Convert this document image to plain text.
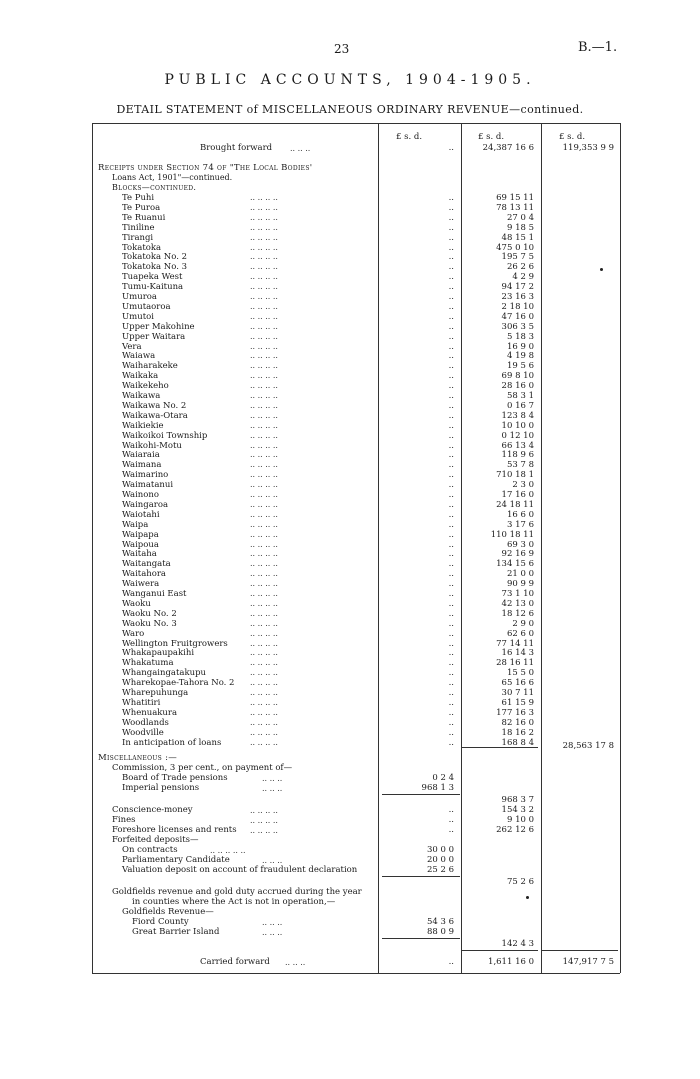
23	B.—1.
PUBLIC ACCOUNTS, 1904-1905.
DETAIL STATEMENT of MISCELLANEOUS ORDINARY REVENUE—continued.
£ s. d.	£ s. d.	£ s. d.
Brought forward .. .. ..	..	24,387 16 6	119,353 9 9
Receipts under Section 74 of "The Local Bodies'
Loans Act, 1901"—continued.
Blocks—continued.
Te Puhi	.. .. .. ..	..	69 15 11
Te Puroa	.. .. .. ..	..	78 13 11
Te Ruanui	.. .. .. ..	..	27 0 4
Tiniline	.. .. .. ..	..	9 18 5
Tirangi	.. .. .. ..	..	48 15 1
Tokatoka	.. .. .. ..	..	475 0 10
Tokatoka No. 2	.. .. .. ..	..	195 7 5
Tokatoka No. 3	.. .. .. ..	..	26 2 6
Tuapeka West	.. .. .. ..	..	4 2 9
Tumu-Kaituna	.. .. .. ..	..	94 17 2
Umuroa	.. .. .. ..	..	23 16 3
Umutaoroa	.. .. .. ..	..	2 18 10
Umutoi	.. .. .. ..	..	47 16 0
Upper Makohine	.. .. .. ..	..	306 3 5
Upper Waitara	.. .. .. ..	..	5 18 3
Vera	.. .. .. ..	..	16 9 0
Waiawa	.. .. .. ..	..	4 19 8
Waiharakeke	.. .. .. ..	..	19 5 6
Waikaka	.. .. .. ..	..	69 8 10
Waikekeho	.. .. .. ..	..	28 16 0
Waikawa	.. .. .. ..	..	58 3 1
Waikawa No. 2	.. .. .. ..	..	0 16 7
Waikawa-Otara	.. .. .. ..	..	123 8 4
Waikiekie	.. .. .. ..	..	10 10 0
Waikoikoi Township	.. .. .. ..	..	0 12 10
Waikohi-Motu	.. .. .. ..	..	66 13 4
Waiaraia	.. .. .. ..	..	118 9 6
Waimana	.. .. .. ..	..	53 7 8
Waimarino	.. .. .. ..	..	710 18 1
Waimatanui	.. .. .. ..	..	2 3 0
Wainono	.. .. .. ..	..	17 16 0
Waingaroa	.. .. .. ..	..	24 18 11
Waiotahi	.. .. .. ..	..	16 6 0
Waipa	.. .. .. ..	..	3 17 6
Waipapa	.. .. .. ..	..	110 18 11
Waipoua	.. .. .. ..	..	69 3 0
Waitaha	.. .. .. ..	..	92 16 9
Waitangata	.. .. .. ..	..	134 15 6
Waitahora	.. .. .. ..	..	21 0 0
Waiwera	.. .. .. ..	..	90 9 9
Wanganui East	.. .. .. ..	..	73 1 10
Waoku	.. .. .. ..	..	42 13 0
Waoku No. 2	.. .. .. ..	..	18 12 6
Waoku No. 3	.. .. .. ..	..	2 9 0
Waro	.. .. .. ..	..	62 6 0
Wellington Fruitgrowers	.. .. .. ..	..	77 14 11
Whakapaupakihi	.. .. .. ..	..	16 14 3
Whakatuma	.. .. .. ..	..	28 16 11
Whangaingatakupu	.. .. .. ..	..	15 5 0
Wharekopae-Tahora No. 2 .. .. .. ..	..	65 16 6
Wharepuhunga	.. .. .. ..	..	30 7 11
Whatitiri	.. .. .. ..	..	61 15 9
Whenuakura	.. .. .. ..	..	177 16 3
Woodlands	.. .. .. ..	..	82 16 0
Woodville	.. .. .. ..	..	18 16 2
In anticipation of loans	.. .. .. ..	..	168 8 4	28,563 17 8
Miscellaneous :—
Commission, 3 per cent., on payment of—
Board of Trade pensions	.. .. ..	0 2 4
Imperial pensions	.. .. ..	968 1 3
968 3 7
Conscience-money	.. .. .. ..	..	154 3 2
Fines	.. .. .. ..	..	9 10 0
Foreshore licenses and rents .. .. .. ..	..	262 12 6
Forfeited deposits—
On contracts	.. .. .. .. ..	30 0 0
Parliamentary Candidate	.. .. ..	20 0 0
Valuation deposit on account of fraudulent declaration	25 2 6
75 2 6
Goldfields revenue and gold duty accrued during the year
in counties where the Act is not in operation,—
Goldfields Revenue—
Fiord County	.. .. ..	54 3 6
Great Barrier Island	.. .. ..	88 0 9
142 4 3
Carried forward .. .. ..	..	1,611 16 0	147,917 7 5
